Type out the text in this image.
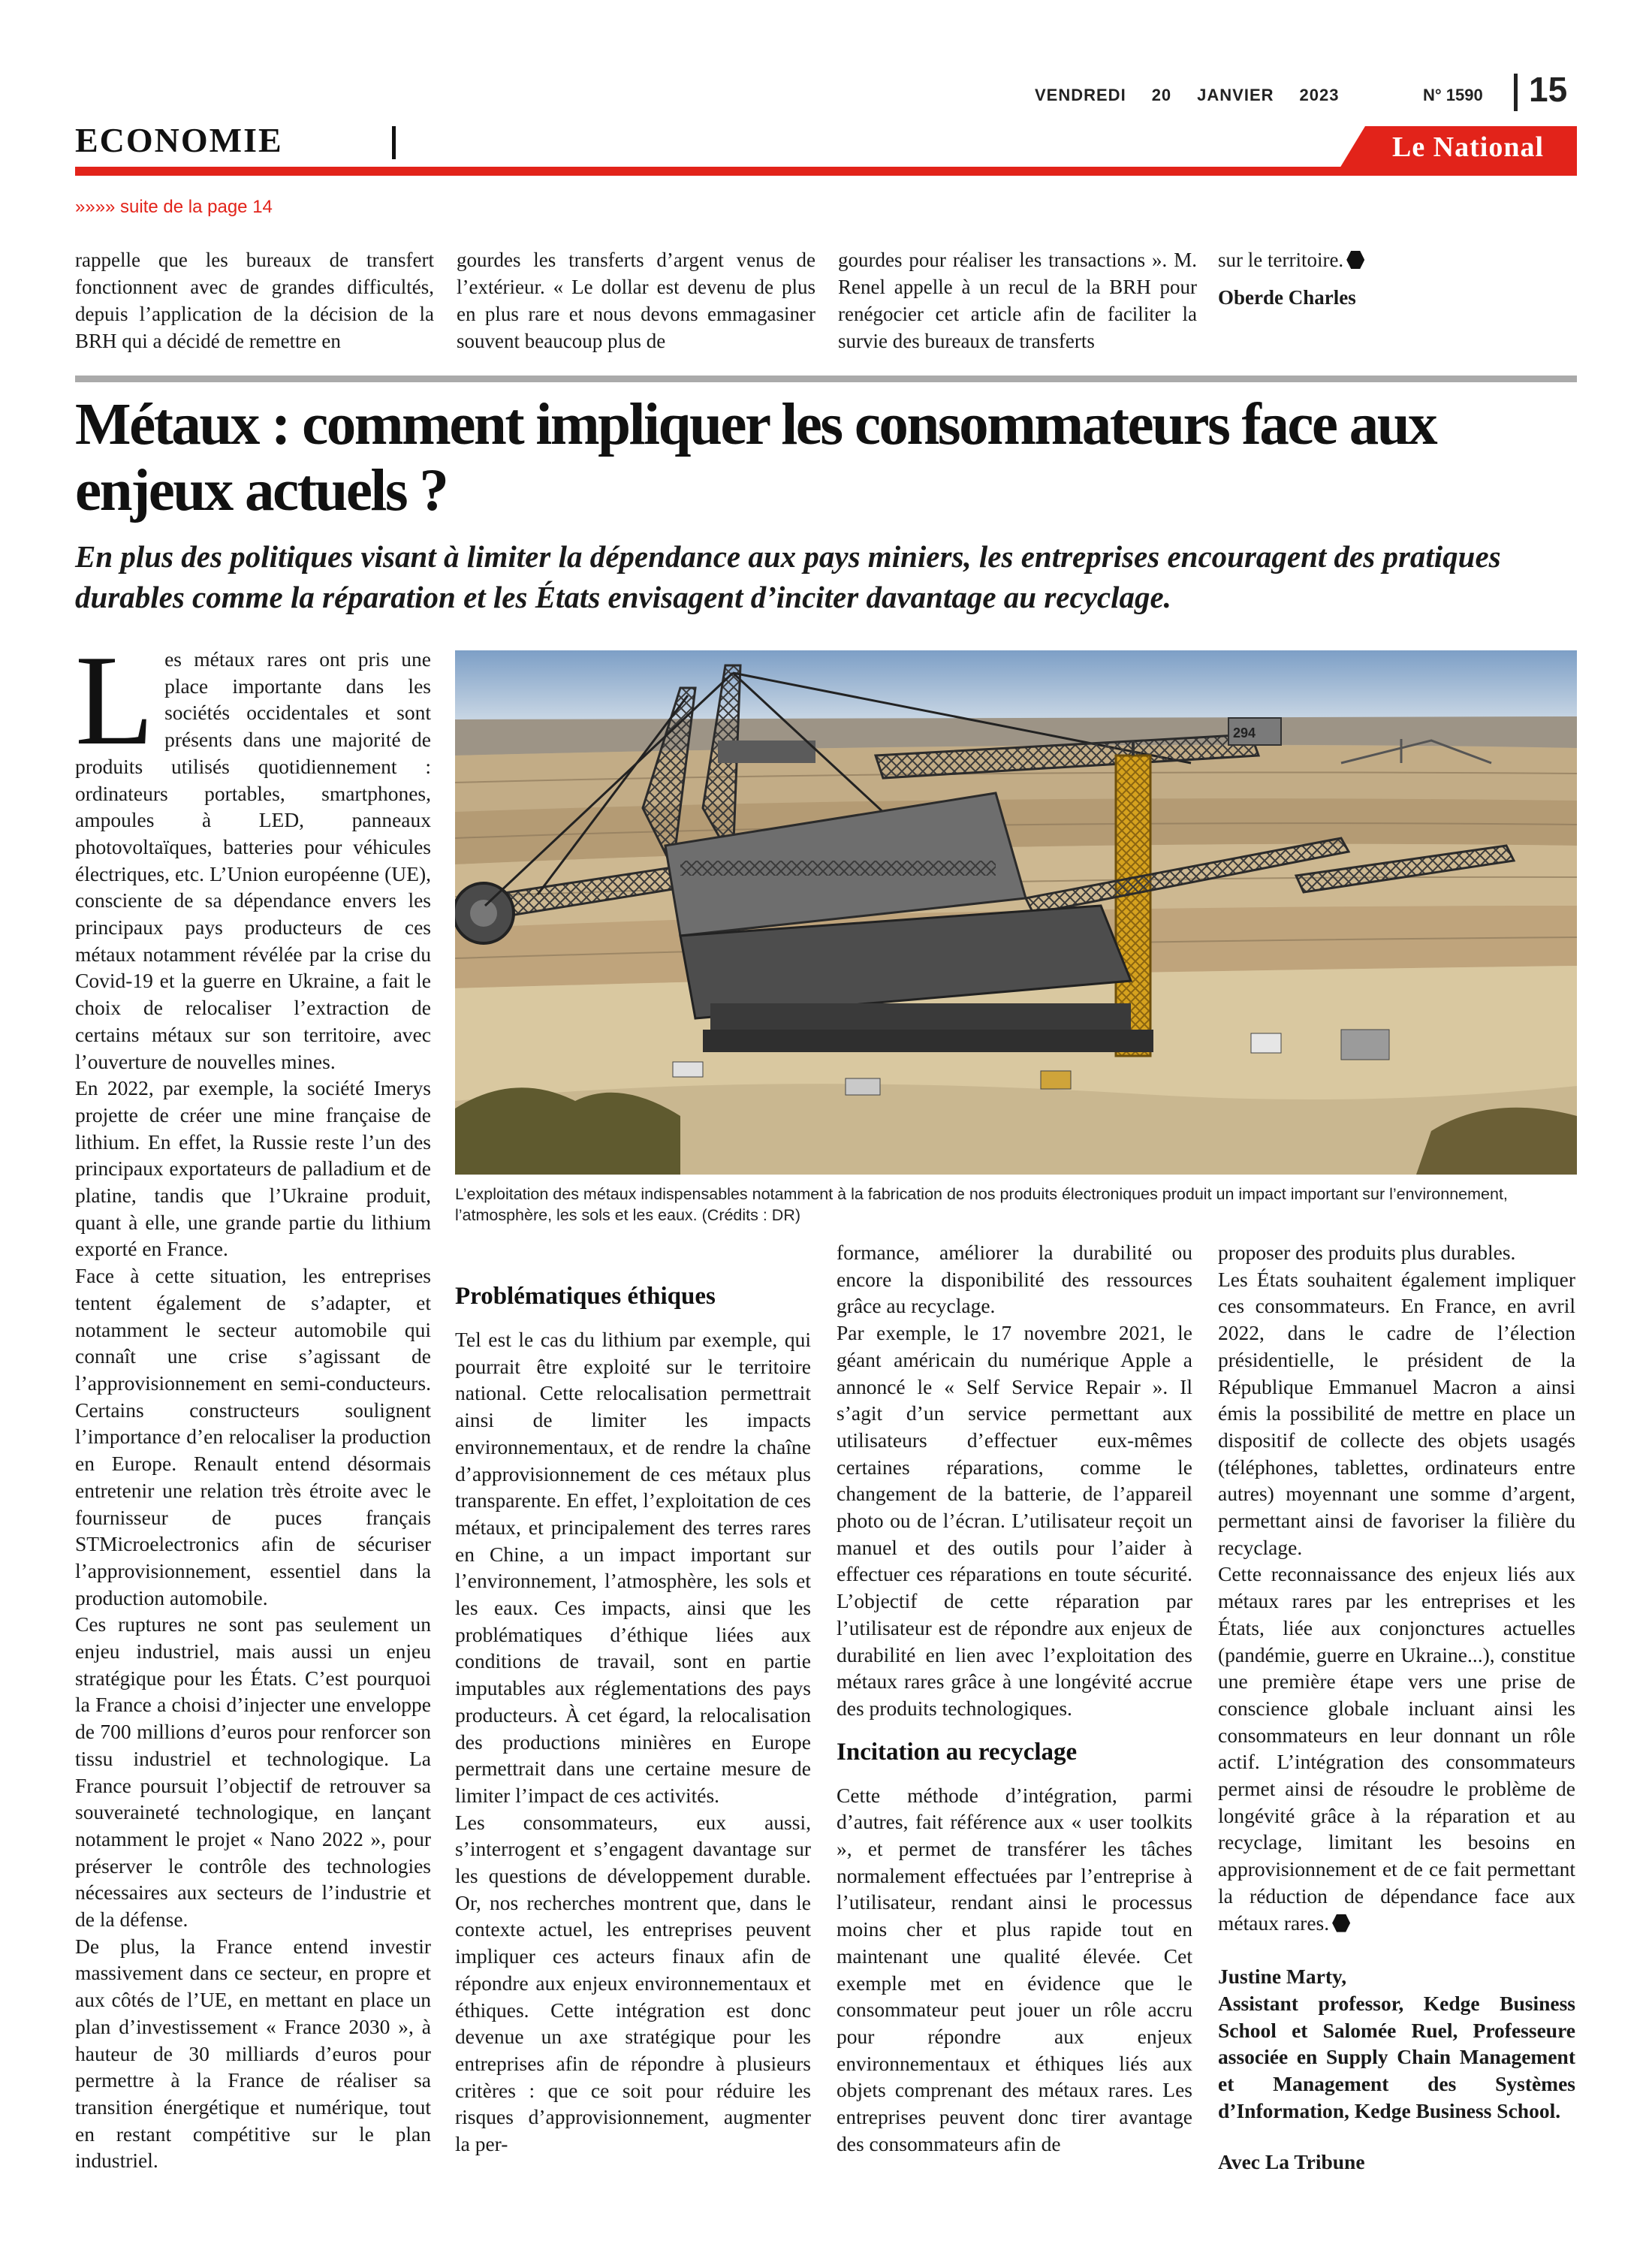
VENDREDI 20 JANVIER 2023	N° 1590 15
ECONOMIE	Le National
»»»» suite de la page 14

rappelle que les bureaux de transfert fonctionnent avec de grandes difficultés, depuis l’application de la décision de la BRH qui a décidé de remettre en

gourdes les transferts d’argent venus de l’extérieur. « Le dollar est devenu de plus en plus rare et nous devons emmagasiner souvent beaucoup plus de

gourdes pour réaliser les transactions ». M. Renel appelle à un recul de la BRH pour renégocier cet article afin de faciliter la survie des bureaux de transferts

sur le territoire.

Oberde Charles

Métaux : comment impliquer les consommateurs face aux enjeux actuels ?

En plus des politiques visant à limiter la dépendance aux pays miniers, les entreprises encouragent des pratiques durables comme la réparation et les États envisagent d’inciter davantage au recyclage.

Les métaux rares ont pris une place importante dans les sociétés occidentales et sont présents dans une majorité de produits utilisés quotidiennement : ordinateurs portables, smartphones, ampoules à LED, panneaux photovoltaïques, batteries pour véhicules électriques, etc. L’Union européenne (UE), consciente de sa dépendance envers les principaux pays producteurs de ces métaux notamment révélée par la crise du Covid-19 et la guerre en Ukraine, a fait le choix de relocaliser l’extraction de certains métaux sur son territoire, avec l’ouverture de nouvelles mines.

En 2022, par exemple, la société Imerys projette de créer une mine française de lithium. En effet, la Russie reste l’un des principaux exportateurs de palladium et de platine, tandis que l’Ukraine produit, quant à elle, une grande partie du lithium exporté en France.

Face à cette situation, les entreprises tentent également de s’adapter, et notamment le secteur automobile qui connaît une crise s’agissant de l’approvisionnement en semi-conducteurs. Certains constructeurs soulignent l’importance d’en relocaliser la production en Europe. Renault entend désormais entretenir une relation très étroite avec le fournisseur de puces français STMicroelectronics afin de sécuriser l’approvisionnement, essentiel dans la production automobile.

Ces ruptures ne sont pas seulement un enjeu industriel, mais aussi un enjeu stratégique pour les États. C’est pourquoi la France a choisi d’injecter une enveloppe de 700 millions d’euros pour renforcer son tissu industriel et technologique. La France poursuit l’objectif de retrouver sa souveraineté technologique, en lançant notamment le projet « Nano 2022 », pour préserver le contrôle des technologies nécessaires aux secteurs de l’industrie et de la défense.

De plus, la France entend investir massivement dans ce secteur, en propre et aux côtés de l’UE, en mettant en place un plan d’investissement « France 2030 », à hauteur de 30 milliards d’euros pour permettre à la France de réaliser sa transition énergétique et numérique, tout en restant compétitive sur le plan industriel.

294

L’exploitation des métaux indispensables notamment à la fabrication de nos produits électroniques produit un impact important sur l’environnement, l’atmosphère, les sols et les eaux. (Crédits : DR)

Problématiques éthiques

Tel est le cas du lithium par exemple, qui pourrait être exploité sur le territoire national. Cette relocalisation permettrait ainsi de limiter les impacts environnementaux, et de rendre la chaîne d’approvisionnement de ces métaux plus transparente. En effet, l’exploitation de ces métaux, et principalement des terres rares en Chine, a un impact important sur l’environnement, l’atmosphère, les sols et les eaux. Ces impacts, ainsi que les problématiques d’éthique liées aux conditions de travail, sont en partie imputables aux réglementations des pays producteurs. À cet égard, la relocalisation des productions minières en Europe permettrait dans une certaine mesure de limiter l’impact de ces activités.

Les consommateurs, eux aussi, s’interrogent et s’engagent davantage sur les questions de développement durable. Or, nos recherches montrent que, dans le contexte actuel, les entreprises peuvent impliquer ces acteurs finaux afin de répondre aux enjeux environnementaux et éthiques. Cette intégration est donc devenue un axe stratégique pour les entreprises afin de répondre à plusieurs critères : que ce soit pour réduire les risques d’approvisionnement, augmenter la per-

formance, améliorer la durabilité ou encore la disponibilité des ressources grâce au recyclage.

Par exemple, le 17 novembre 2021, le géant américain du numérique Apple a annoncé le « Self Service Repair ». Il s’agit d’un service permettant aux utilisateurs d’effectuer eux-mêmes certaines réparations, comme le changement de la batterie, de l’appareil photo ou de l’écran. L’utilisateur reçoit un manuel et des outils pour l’aider à effectuer ces réparations en toute sécurité. L’objectif de cette réparation par l’utilisateur est de répondre aux enjeux de durabilité en lien avec l’exploitation des métaux rares grâce à une longévité accrue des produits technologiques.

Incitation au recyclage

Cette méthode d’intégration, parmi d’autres, fait référence aux « user toolkits », et permet de transférer les tâches normalement effectuées par l’entreprise à l’utilisateur, rendant ainsi le processus moins cher et plus rapide tout en maintenant une qualité élevée. Cet exemple met en évidence que le consommateur peut jouer un rôle accru pour répondre aux enjeux environnementaux et éthiques liés aux objets comprenant des métaux rares. Les entreprises peuvent donc tirer avantage des consommateurs afin de

proposer des produits plus durables.

Les États souhaitent également impliquer ces consommateurs. En France, en avril 2022, dans le cadre de l’élection présidentielle, le président de la République Emmanuel Macron a ainsi émis la possibilité de mettre en place un dispositif de collecte des objets usagés (téléphones, tablettes, ordinateurs entre autres) moyennant une somme d’argent, permettant ainsi de favoriser la filière du recyclage.

Cette reconnaissance des enjeux liés aux métaux rares par les entreprises et les États, liée aux conjonctures actuelles (pandémie, guerre en Ukraine...), constitue une première étape vers une prise de conscience globale incluant ainsi les consommateurs en leur donnant un rôle actif. L’intégration des consommateurs permet ainsi de résoudre le problème de longévité grâce à la réparation et au recyclage, limitant les besoins en approvisionnement et de ce fait permettant la réduction de dépendance face aux métaux rares.

Justine Marty,

Assistant professor, Kedge Business School et Salomée Ruel, Professeure associée en Supply Chain Management et Management des Systèmes d’Information, Kedge Business School.

Avec La Tribune
